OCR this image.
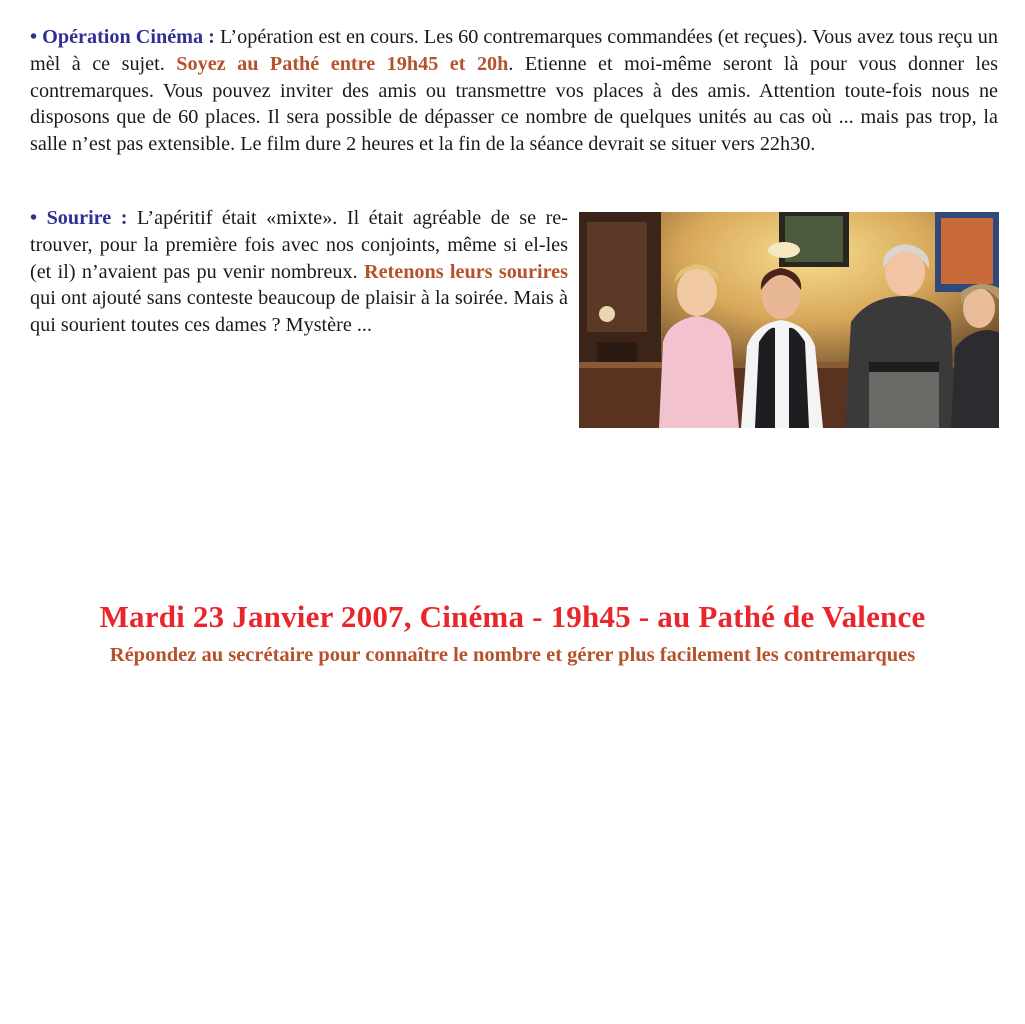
• Opération Cinéma : L’opération est en cours. Les 60 contremarques commandées (et reçues). Vous avez tous reçu un mèl à ce sujet. Soyez au Pathé entre 19h45 et 20h. Etienne et moi-même seront là pour vous donner les contremarques. Vous pouvez inviter des amis ou transmettre vos places à des amis. Attention toute-fois nous ne disposons que de 60 places. Il sera possible de dépasser ce nombre de quelques unités au cas où ... mais pas trop, la salle n’est pas extensible. Le film dure 2 heures et la fin de la séance devrait se situer vers 22h30.

• Sourire : L’apéritif était «mixte». Il était agréable de se re-trouver, pour la première fois avec nos conjoints, même si el-les (et il) n’avaient pas pu venir nombreux. Retenons leurs sourires qui ont ajouté sans conteste beaucoup de plaisir à la soirée. Mais à qui sourient toutes ces dames ? Mystère ...

Mardi 23 Janvier 2007, Cinéma - 19h45 - au Pathé de Valence

Répondez au secrétaire pour connaître le nombre et gérer plus facilement les contremarques
